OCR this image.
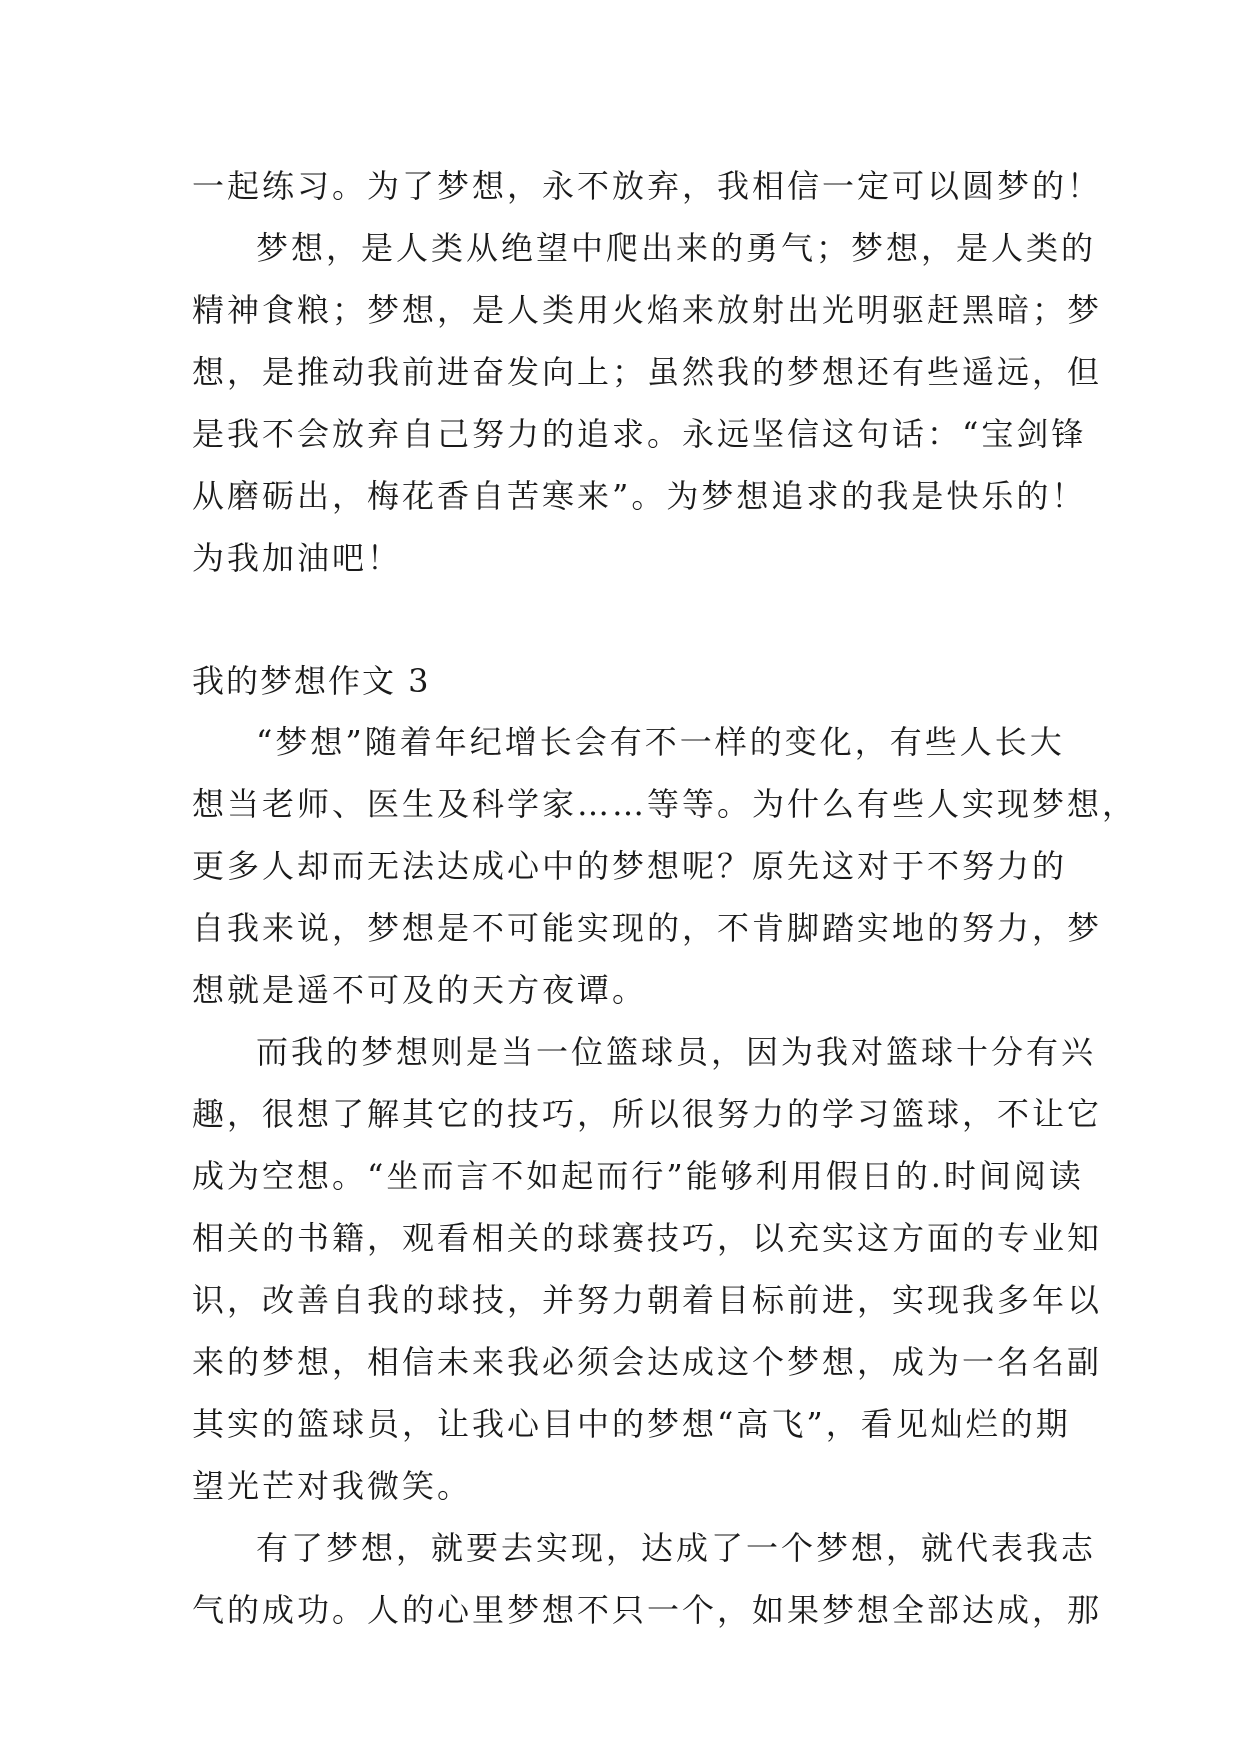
一起练习。为了梦想，永不放弃，我相信一定可以圆梦的！
梦想，是人类从绝望中爬出来的勇气；梦想，是人类的
精神食粮；梦想，是人类用火焰来放射出光明驱赶黑暗；梦
想，是推动我前进奋发向上；虽然我的梦想还有些遥远，但
是我不会放弃自己努力的追求。永远坚信这句话：“宝剑锋
从磨砺出，梅花香自苦寒来”。为梦想追求的我是快乐的！
为我加油吧！
我的梦想作文 3
“梦想”随着年纪增长会有不一样的变化，有些人长大
想当老师、医生及科学家……等等。为什么有些人实现梦想，
更多人却而无法达成心中的梦想呢？原先这对于不努力的
自我来说，梦想是不可能实现的，不肯脚踏实地的努力，梦
想就是遥不可及的天方夜谭。
而我的梦想则是当一位篮球员，因为我对篮球十分有兴
趣，很想了解其它的技巧，所以很努力的学习篮球，不让它
成为空想。“坐而言不如起而行”能够利用假日的.时间阅读
相关的书籍，观看相关的球赛技巧，以充实这方面的专业知
识，改善自我的球技，并努力朝着目标前进，实现我多年以
来的梦想，相信未来我必须会达成这个梦想，成为一名名副
其实的篮球员，让我心目中的梦想“高飞”，看见灿烂的期
望光芒对我微笑。
有了梦想，就要去实现，达成了一个梦想，就代表我志
气的成功。人的心里梦想不只一个，如果梦想全部达成，那
